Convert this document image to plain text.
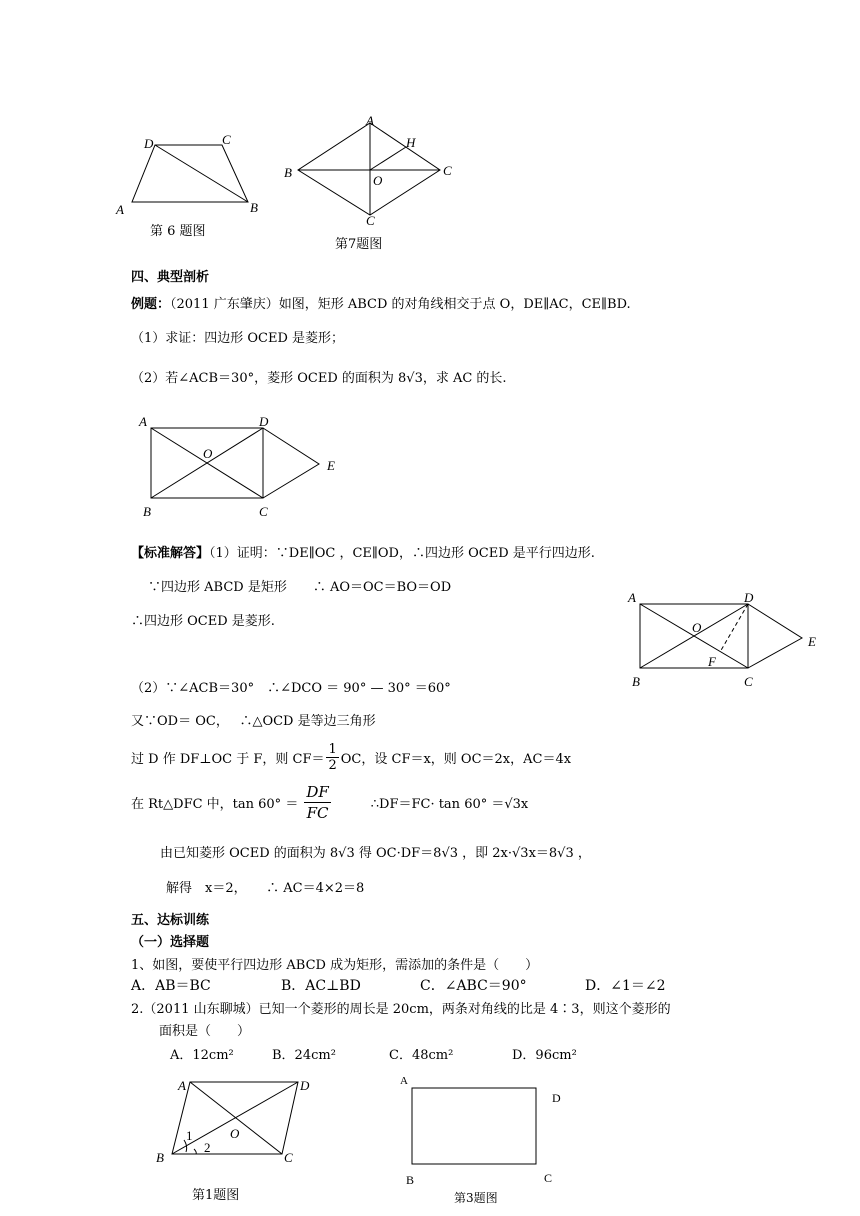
A	B
C
D
第 6 题图
A
B	C
H
O
C
第7题图
四、典型剖析
例题：（2011 广东肇庆）如图，矩形 ABCD 的对角线相交于点 O，DE∥AC，CE∥BD.
（1）求证：四边形 OCED 是菱形；
（2）若∠ACB＝30°，菱形 OCED 的面积为 8√3，求 AC 的长.
A	D
O
E
B	C
【标准解答】（1）证明：∵DE∥OC ，CE∥OD，∴四边形 OCED 是平行四边形.
∵四边形 ABCD 是矩形　　∴ AO＝OC＝BO＝OD
∴四边形 OCED 是菱形.
A	D
O
E
F
B	C
（2）∵∠ACB＝30°　∴∠DCO ＝ 90° — 30° ＝60°
又∵OD＝ OC，　 ∴△OCD 是等边三角形
过 D 作 DF⊥OC 于 F，则 $CF= \frac{1}{2}$ OC，设 CF＝x，则 OC＝2x，AC＝4x
在 Rt△DFC 中，tan 60° ＝
DF
FC	∴DF＝FC· tan 60° ＝√3x
由已知菱形 OCED 的面积为 8√3 得 OC·DF＝8√3 ，即 2x·√3x＝8√3 ，
解得　x＝2，　　∴ AC＝4×2＝8
五、达标训练
（一）选择题
1、如图，要使平行四边形 ABCD 成为矩形，需添加的条件是（　　）
A．AB＝BC	B．AC⊥BD	C．∠ABC＝90°	D．∠1＝∠2
2.（2011 山东聊城）已知一个菱形的周长是 20cm，两条对角线的比是 4∶3，则这个菱形的
面积是（　　）
A．12cm²	B．24cm²	C．48cm²	D．96cm²
A	D
O
B	C
1
2
第1题图
A
D
B	C
第3题图
